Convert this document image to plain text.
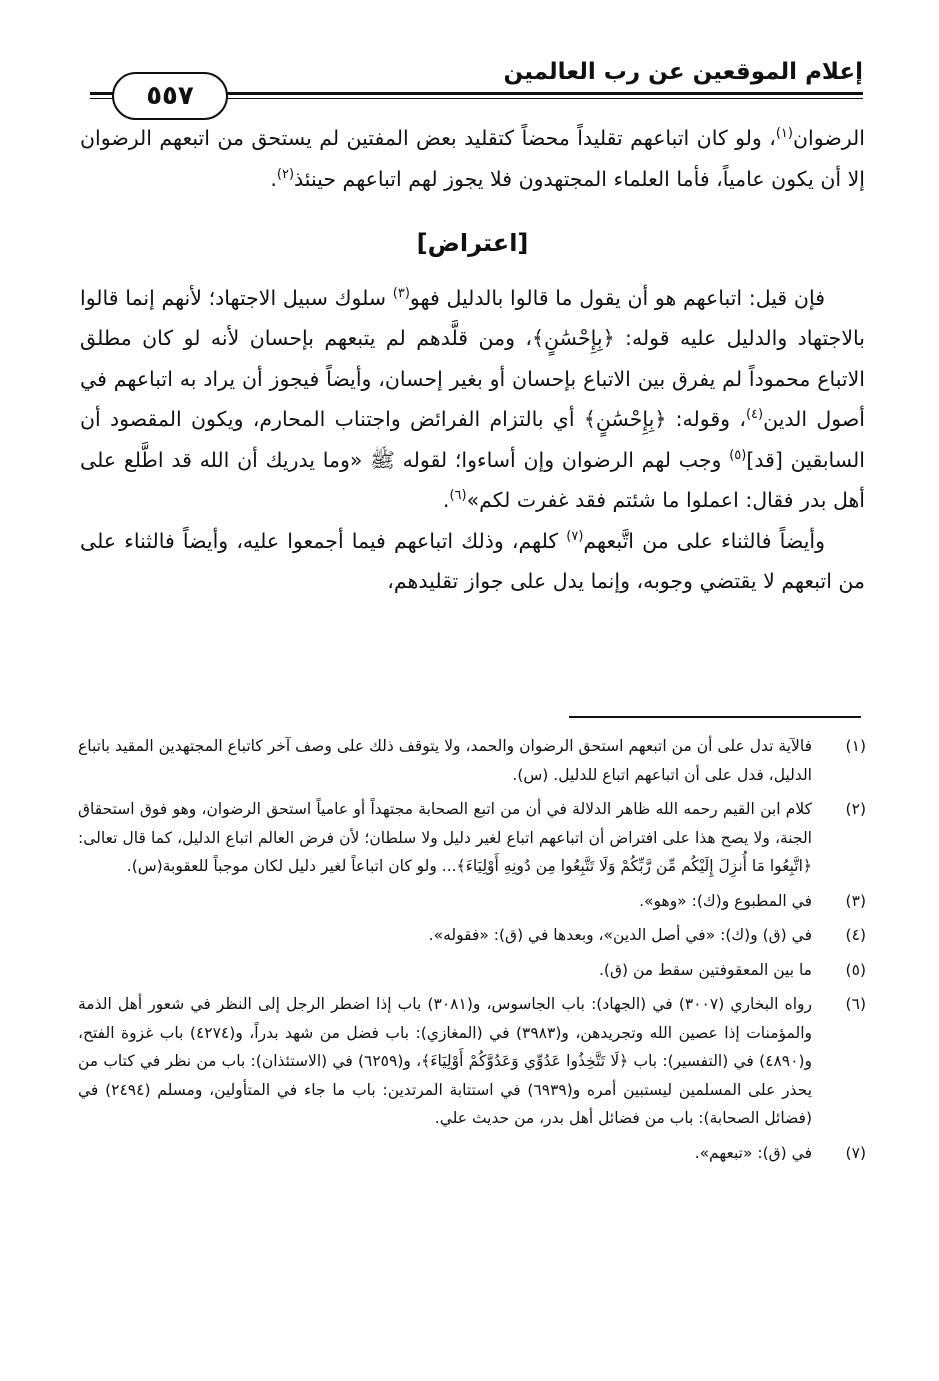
إعلام الموقعين عن رب العالمين
٥٥٧

الرضوان$^{(١)}$، ولو كان اتباعهم تقليداً محضاً كتقليد بعض المفتين لم يستحق من اتبعهم الرضوان إلا أن يكون عامياً، فأما العلماء المجتهدون فلا يجوز لهم اتباعهم حينئذ$^{(٢)}$.

[اعتراض]

فإن قيل: اتباعهم هو أن يقول ما قالوا بالدليل فهو$^{(٣)}$ سلوك سبيل الاجتهاد؛ لأنهم إنما قالوا بالاجتهاد والدليل عليه قوله: ﴿بِإِحْسَٰنٍ﴾، ومن قلَّدهم لم يتبعهم بإحسان لأنه لو كان مطلق الاتباع محموداً لم يفرق بين الاتباع بإحسان أو بغير إحسان، وأيضاً فيجوز أن يراد به اتباعهم في أصول الدين$^{(٤)}$، وقوله: ﴿بِإِحْسَٰنٍ﴾ أي بالتزام الفرائض واجتناب المحارم، ويكون المقصود أن السابقين [قد]$^{(٥)}$ وجب لهم الرضوان وإن أساءوا؛ لقوله ﷺ «وما يدريك أن الله قد اطَّلع على أهل بدر فقال: اعملوا ما شئتم فقد غفرت لكم»$^{(٦)}$.

وأيضاً فالثناء على من اتَّبعهم$^{(٧)}$ كلهم، وذلك اتباعهم فيما أجمعوا عليه، وأيضاً فالثناء على من اتبعهم لا يقتضي وجوبه، وإنما يدل على جواز تقليدهم،

(١)
فالآية تدل على أن من اتبعهم استحق الرضوان والحمد، ولا يتوقف ذلك على وصف آخر كاتباع المجتهدين المقيد باتباع الدليل، فدل على أن اتباعهم اتباع للدليل. (س).
(٢)
كلام ابن القيم رحمه الله ظاهر الدلالة في أن من اتبع الصحابة مجتهداً أو عامياً استحق الرضوان، وهو فوق استحقاق الجنة، ولا يصح هذا على افتراض أن اتباعهم اتباع لغير دليل ولا سلطان؛ لأن فرض العالم اتباع الدليل، كما قال تعالى: ﴿اتَّبِعُوا مَا أُنزِلَ إِلَيْكُم مِّن رَّبِّكُمْ وَلَا تَتَّبِعُوا مِن دُونِهِ أَوْلِيَاءَ﴾... ولو كان اتباعاً لغير دليل لكان موجباً للعقوبة(س).
(٣)
في المطبوع و(ك): «وهو».
(٤)
في (ق) و(ك): «في أصل الدين»، وبعدها في (ق): «فقوله».
(٥)
ما بين المعقوفتين سقط من (ق).
(٦)
رواه البخاري (٣٠٠٧) في (الجهاد): باب الجاسوس، و(٣٠٨١) باب إذا اضطر الرجل إلى النظر في شعور أهل الذمة والمؤمنات إذا عصين الله وتجريدهن، و(٣٩٨٣) في (المغازي): باب فضل من شهد بدراً، و(٤٢٧٤) باب غزوة الفتح، و(٤٨٩٠) في (التفسير): باب ﴿لَا تَتَّخِذُوا عَدُوِّي وَعَدُوَّكُمْ أَوْلِيَاءَ﴾، و(٦٢٥٩) في (الاستئذان): باب من نظر في كتاب من يحذر على المسلمين ليستبين أمره و(٦٩٣٩) في استتابة المرتدين: باب ما جاء في المتأولين، ومسلم (٢٤٩٤) في (فضائل الصحابة): باب من فضائل أهل بدر، من حديث علي.
(٧)
في (ق): «تبعهم».
